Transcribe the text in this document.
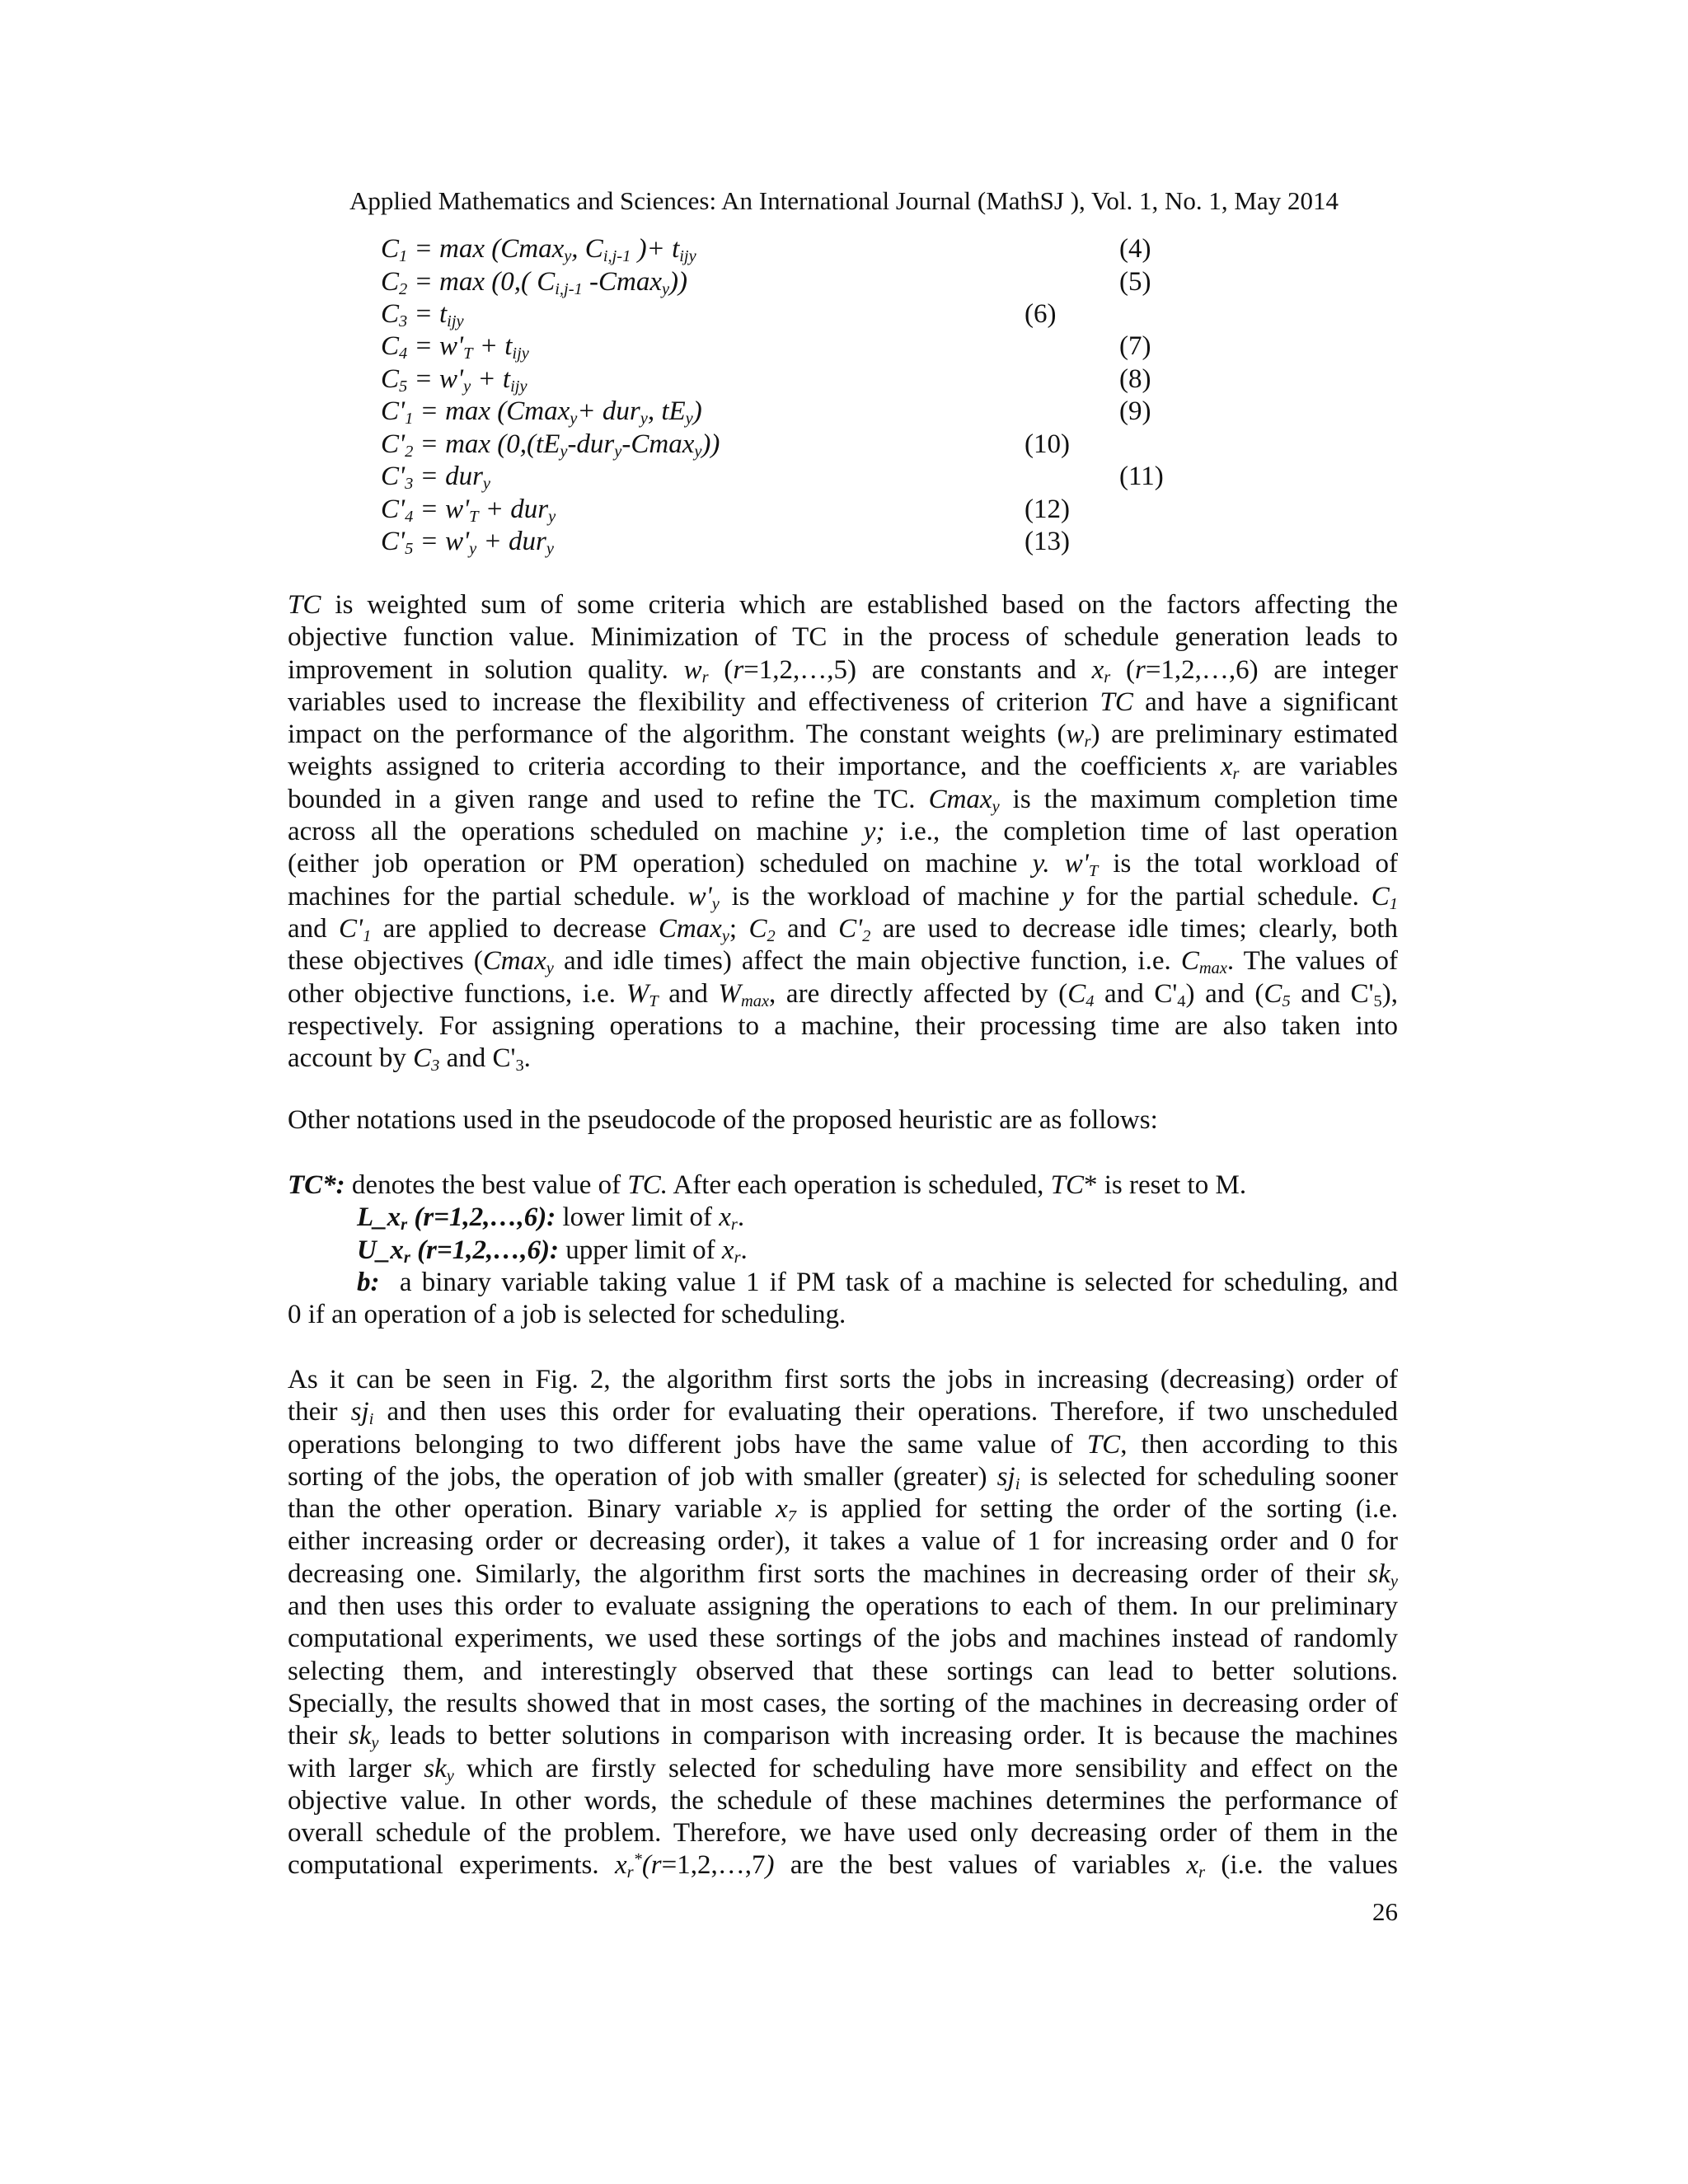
Applied Mathematics and Sciences: An International Journal (MathSJ ), Vol. 1, No. 1, May 2014
$C_1 = \max (Cmax_y$, $C_{i,j-1}$ )+ $t_{ijy}$	(4)
$C_2 = \max (0$,( $C_{i,j-1}$ -Cmax$_y$))	(5)
$C_3 = t_{ijy}$	(6)
$C_4 = w'_T + t_{ijy}$	(7)
$C_5 = w'_y + t_{ijy}$	(8)
$C'_1 = \max (Cmax_y+ dur_y$, $tE_y$)	(9)
$C'_2 = \max (0,(tE_y-dur_y-Cmax_y))$	(10)
$C'_3 = dur_y$	(11)
$C'_4 = w'_T + dur_y$	(12)
$C'_5 = w'_y + dur_y$	(13)
TC is weighted sum of some criteria which are established based on the factors affecting the
objective function value. Minimization of TC in the process of schedule generation leads to
improvement in solution quality. $w_r$ (r=1,2,…,5) are constants and $x_r$ (r=1,2,…,6) are integer
variables used to increase the flexibility and effectiveness of criterion TC and have a significant
impact on the performance of the algorithm. The constant weights $(w_r)$ are preliminary estimated
weights assigned to criteria according to their importance, and the coefficients $x_r$ are variables
bounded in a given range and used to refine the TC. Cmax$_y$ is the maximum completion time
across all the operations scheduled on machine y; i.e., the completion time of last operation
(either job operation or PM operation) scheduled on machine y. $w'_T$ is the total workload of
machines for the partial schedule. $w'_y$ is the workload of machine y for the partial schedule. $C_1$
and $C'_1$ are applied to decrease Cmax$_y$; $C_2$ and $C'_2$ are used to decrease idle times; clearly, both
these objectives (Cmax$_y$ and idle times) affect the main objective function, i.e. $C_{max}$. The values of
other objective functions, i.e. $W_T$ and $W_{max}$, are directly affected by ($C_4$ and $C'_4$) and ($C_5$ and $C'_5$),
respectively. For assigning operations to a machine, their processing time are also taken into
account by $C_3$ and $C'_3$.
Other notations used in the pseudocode of the proposed heuristic are as follows:
TC*: denotes the best value of TC. After each operation is scheduled, TC* is reset to M.
$L\_x_r$ (r=1,2,…,6): lower limit of $x_r$.
$U\_x_r$ (r=1,2,…,6): upper limit of $x_r$.
b: a binary variable taking value 1 if PM task of a machine is selected for scheduling, and
0 if an operation of a job is selected for scheduling.
As it can be seen in Fig. 2, the algorithm first sorts the jobs in increasing (decreasing) order of
their $sj_i$ and then uses this order for evaluating their operations. Therefore, if two unscheduled
operations belonging to two different jobs have the same value of TC, then according to this
sorting of the jobs, the operation of job with smaller (greater) $sj_i$ is selected for scheduling sooner
than the other operation. Binary variable $x_7$ is applied for setting the order of the sorting (i.e.
either increasing order or decreasing order), it takes a value of 1 for increasing order and 0 for
decreasing one. Similarly, the algorithm first sorts the machines in decreasing order of their $sk_y$
and then uses this order to evaluate assigning the operations to each of them. In our preliminary
computational experiments, we used these sortings of the jobs and machines instead of randomly
selecting them, and interestingly observed that these sortings can lead to better solutions.
Specially, the results showed that in most cases, the sorting of the machines in decreasing order of
their $sk_y$ leads to better solutions in comparison with increasing order. It is because the machines
with larger $sk_y$ which are firstly selected for scheduling have more sensibility and effect on the
objective value. In other words, the schedule of these machines determines the performance of
overall schedule of the problem. Therefore, we have used only decreasing order of them in the
computational experiments. $x_r^*(r=1,2,\dots,7)$ are the best values of variables $x_r$ (i.e. the values
26
